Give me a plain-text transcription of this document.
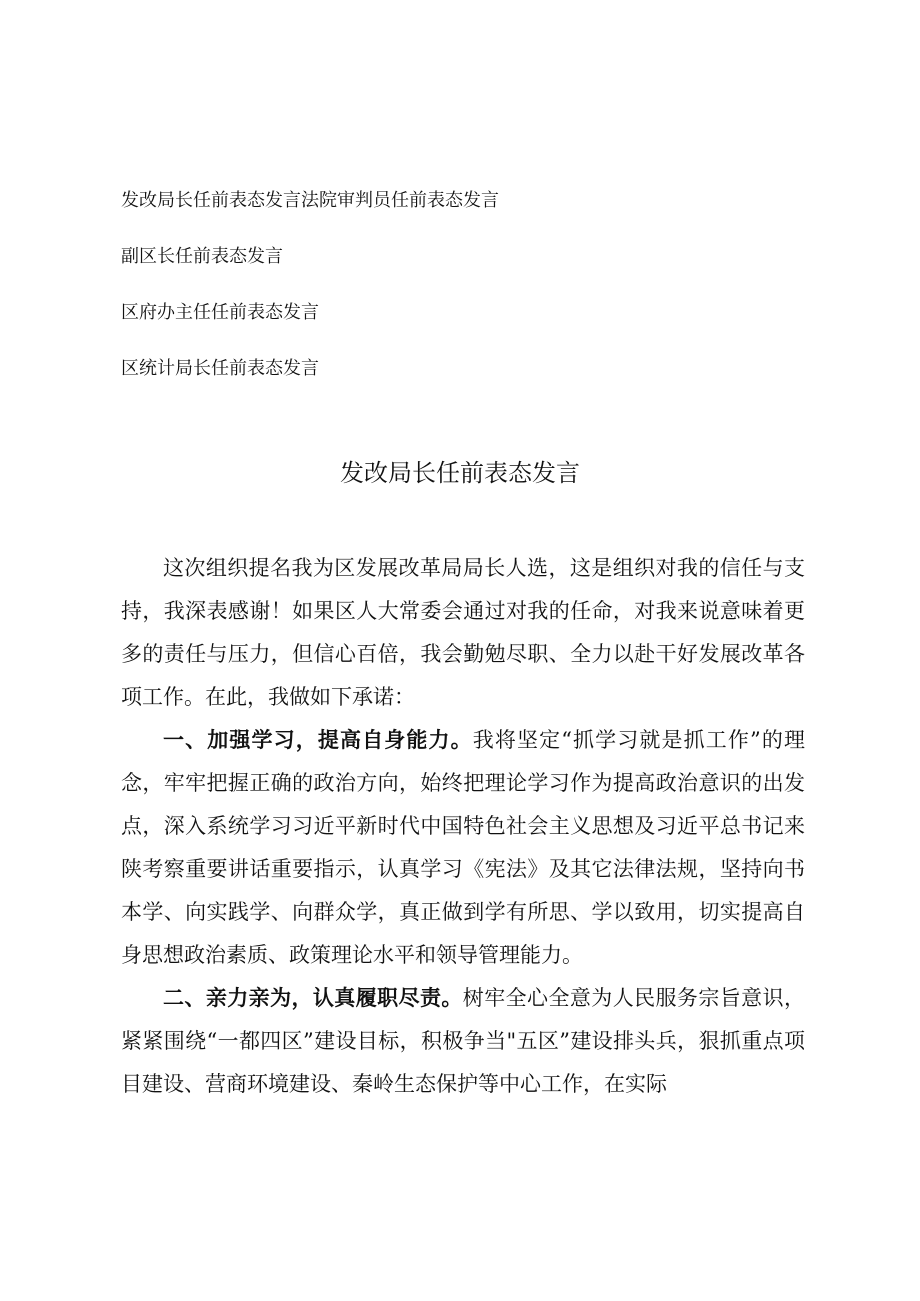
发改局长任前表态发言法院审判员任前表态发言
副区长任前表态发言
区府办主任任前表态发言
区统计局长任前表态发言
发改局长任前表态发言

这次组织提名我为区发展改革局局长人选，这是组织对我的信任与支持，我深表感谢！如果区人大常委会通过对我的任命，对我来说意味着更多的责任与压力，但信心百倍，我会勤勉尽职、全力以赴干好发展改革各项工作。在此，我做如下承诺：

一、加强学习，提高自身能力。我将坚定“抓学习就是抓工作”的理念，牢牢把握正确的政治方向，始终把理论学习作为提高政治意识的出发点，深入系统学习习近平新时代中国特色社会主义思想及习近平总书记来陕考察重要讲话重要指示，认真学习《宪法》及其它法律法规，坚持向书本学、向实践学、向群众学，真正做到学有所思、学以致用，切实提高自身思想政治素质、政策理论水平和领导管理能力。

二、亲力亲为，认真履职尽责。树牢全心全意为人民服务宗旨意识，紧紧围绕“一都四区”建设目标，积极争当"五区”建设排头兵，狠抓重点项目建设、营商环境建设、秦岭生态保护等中心工作，在实际
